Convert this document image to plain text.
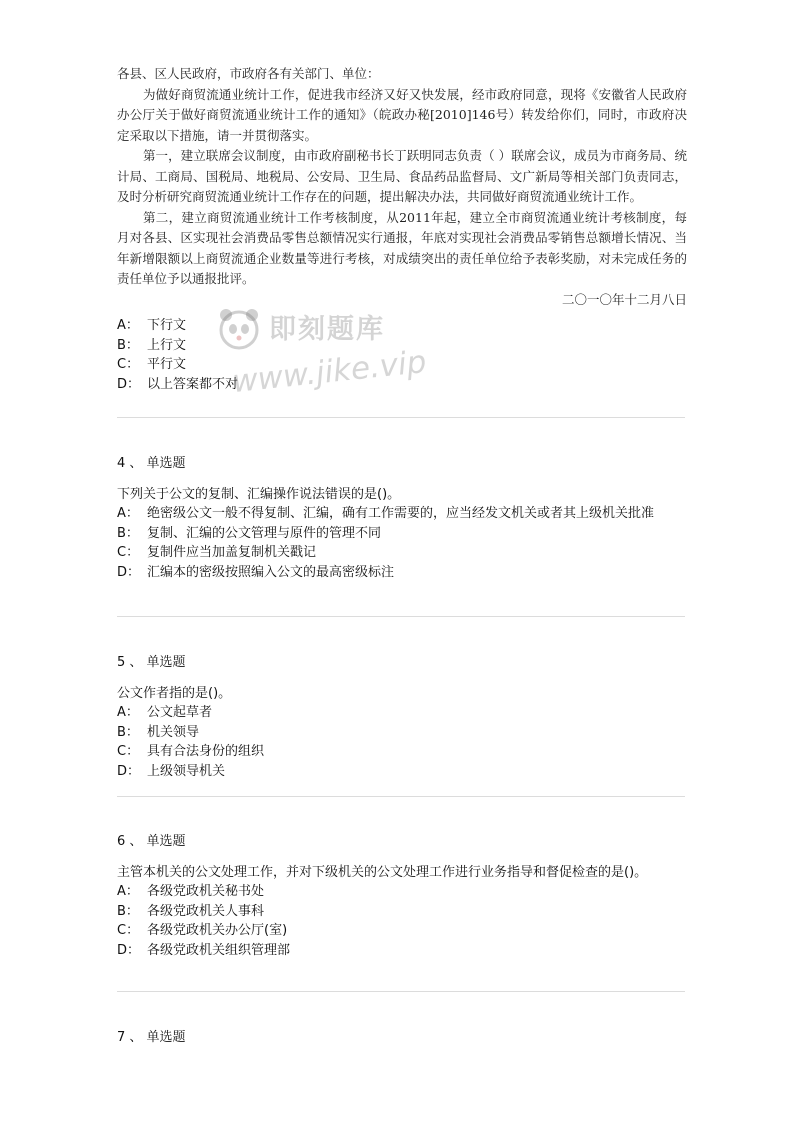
各县、区人民政府，市政府各有关部门、单位：

为做好商贸流通业统计工作，促进我市经济又好又快发展，经市政府同意，现将《安徽省人民政府办公厅关于做好商贸流通业统计工作的通知》（皖政办秘[2010]146号）转发给你们，同时，市政府决定采取以下措施，请一并贯彻落实。

第一，建立联席会议制度，由市政府副秘书长丁跃明同志负责（ ）联席会议，成员为市商务局、统计局、工商局、国税局、地税局、公安局、卫生局、食品药品监督局、文广新局等相关部门负责同志，及时分析研究商贸流通业统计工作存在的问题，提出解决办法，共同做好商贸流通业统计工作。

第二，建立商贸流通业统计工作考核制度，从2011年起，建立全市商贸流通业统计考核制度，每月对各县、区实现社会消费品零售总额情况实行通报，年底对实现社会消费品零销售总额增长情况、当年新增限额以上商贸流通企业数量等进行考核，对成绩突出的责任单位给予表彰奖励，对未完成任务的责任单位予以通报批评。

二〇一〇年十二月八日

A： 下行文
B： 上行文
C： 平行文
D： 以上答案都不对
即刻题库
www.jike.vip
4 、 单选题
下列关于公文的复制、汇编操作说法错误的是()。
A： 绝密级公文一般不得复制、汇编，确有工作需要的，应当经发文机关或者其上级机关批准
B： 复制、汇编的公文管理与原件的管理不同
C： 复制件应当加盖复制机关戳记
D： 汇编本的密级按照编入公文的最高密级标注
5 、 单选题
公文作者指的是()。
A： 公文起草者
B： 机关领导
C： 具有合法身份的组织
D： 上级领导机关
6 、 单选题
主管本机关的公文处理工作，并对下级机关的公文处理工作进行业务指导和督促检查的是()。
A： 各级党政机关秘书处
B： 各级党政机关人事科
C： 各级党政机关办公厅(室)
D： 各级党政机关组织管理部
7 、 单选题
